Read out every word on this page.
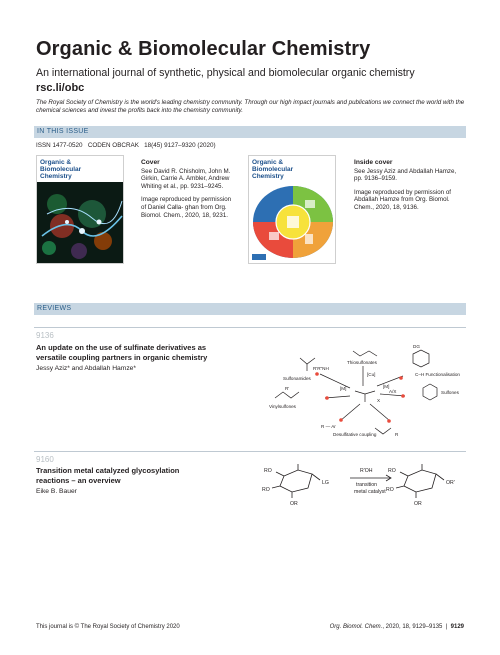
Organic & Biomolecular Chemistry
An international journal of synthetic, physical and biomolecular organic chemistry
rsc.li/obc
The Royal Society of Chemistry is the world's leading chemistry community. Through our high impact journals and publications we connect the world with the chemical sciences and invest the profits back into the chemistry community.
IN THIS ISSUE
ISSN 1477-0520 CODEN OBCRAK 18(45) 9127–9320 (2020)
Organic &
Biomolecular
Chemistry
Cover

See David R. Chisholm, John M. Girkin, Carrie A. Ambler, Andrew Whiting et al., pp. 9231–9245.

Image reproduced by permission of Daniel Calla- ghan from Org. Biomol. Chem., 2020, 18, 9231.

Organic &
Biomolecular
Chemistry
Inside cover

See Jessy Aziz and Abdallah Hamze, pp. 9136–9159.

Image reproduced by permission of Abdallah Hamze from Org. Biomol. Chem., 2020, 18, 9136.

REVIEWS
9136
An update on the use of sulfinate derivatives as
versatile coupling partners in organic chemistry
Jessy Aziz* and Abdallah Hamze*
Sulfonamides
Thiosulfonates
C–H Functionalisation
Vinylsulfones
Sulfones
Desulfitative coupling
R'R"NH
[Cu]
[M]	[M]
A/X
X
DG
R — Ar
R
R'
9160
Transition metal catalyzed glycosylation
reactions – an overview
Eike B. Bauer
RO
RO
OR
LG
R'OH
transition
metal catalyst
RO
RO
OR
OR'
This journal is © The Royal Society of Chemistry 2020	Org. Biomol. Chem., 2020, 18, 9129–9135 | 9129
